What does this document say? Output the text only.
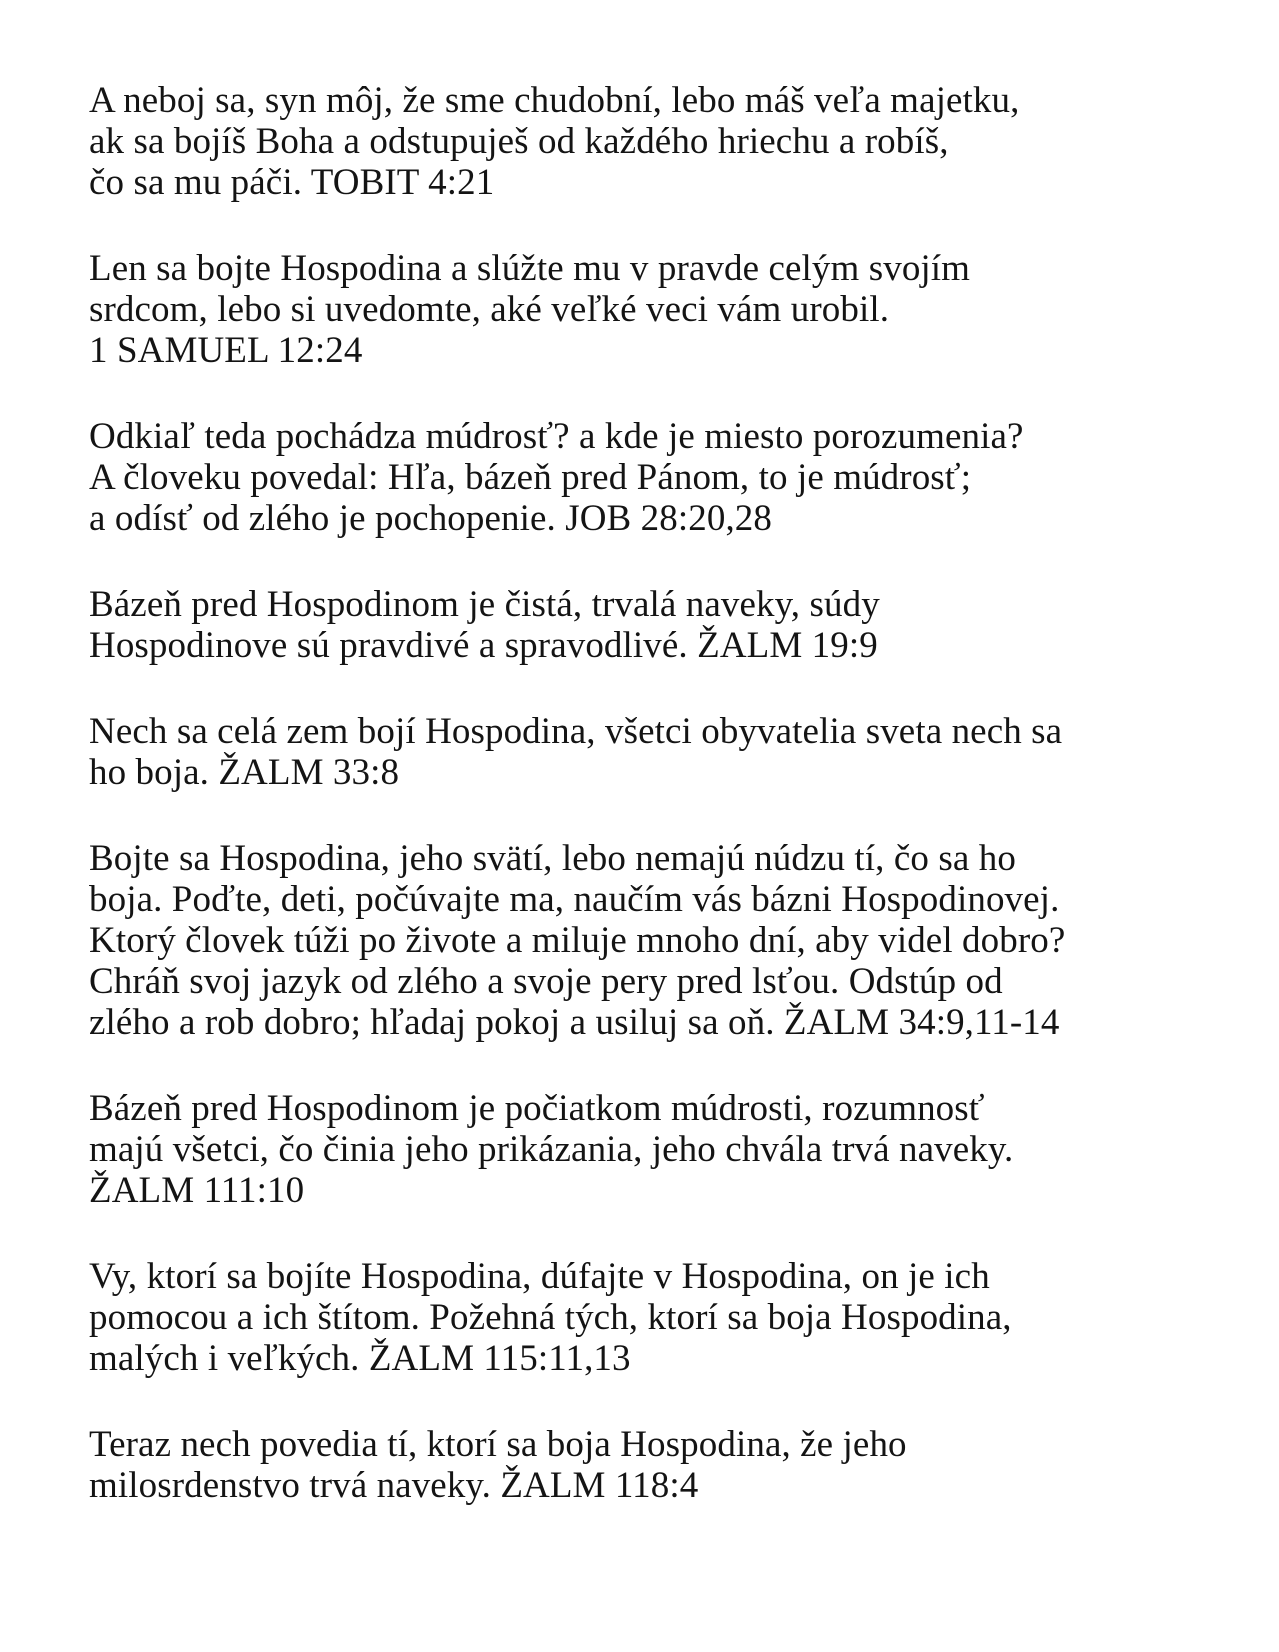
A neboj sa, syn môj, že sme chudobní, lebo máš veľa majetku,
ak sa bojíš Boha a odstupuješ od každého hriechu a robíš,
čo sa mu páči. TOBIT 4:21

Len sa bojte Hospodina a slúžte mu v pravde celým svojím
srdcom, lebo si uvedomte, aké veľké veci vám urobil.
1 SAMUEL 12:24

Odkiaľ teda pochádza múdrosť? a kde je miesto porozumenia?
A človeku povedal: Hľa, bázeň pred Pánom, to je múdrosť;
a odísť od zlého je pochopenie. JOB 28:20,28

Bázeň pred Hospodinom je čistá, trvalá naveky, súdy
Hospodinove sú pravdivé a spravodlivé. ŽALM 19:9

Nech sa celá zem bojí Hospodina, všetci obyvatelia sveta nech sa
ho boja. ŽALM 33:8

Bojte sa Hospodina, jeho svätí, lebo nemajú núdzu tí, čo sa ho
boja. Poďte, deti, počúvajte ma, naučím vás bázni Hospodinovej.
Ktorý človek túži po živote a miluje mnoho dní, aby videl dobro?
Chráň svoj jazyk od zlého a svoje pery pred lsťou. Odstúp od
zlého a rob dobro; hľadaj pokoj a usiluj sa oň. ŽALM 34:9,11-14

Bázeň pred Hospodinom je počiatkom múdrosti, rozumnosť
majú všetci, čo činia jeho prikázania, jeho chvála trvá naveky.
ŽALM 111:10

Vy, ktorí sa bojíte Hospodina, dúfajte v Hospodina, on je ich
pomocou a ich štítom. Požehná tých, ktorí sa boja Hospodina,
malých i veľkých. ŽALM 115:11,13

Teraz nech povedia tí, ktorí sa boja Hospodina, že jeho
milosrdenstvo trvá naveky. ŽALM 118:4
